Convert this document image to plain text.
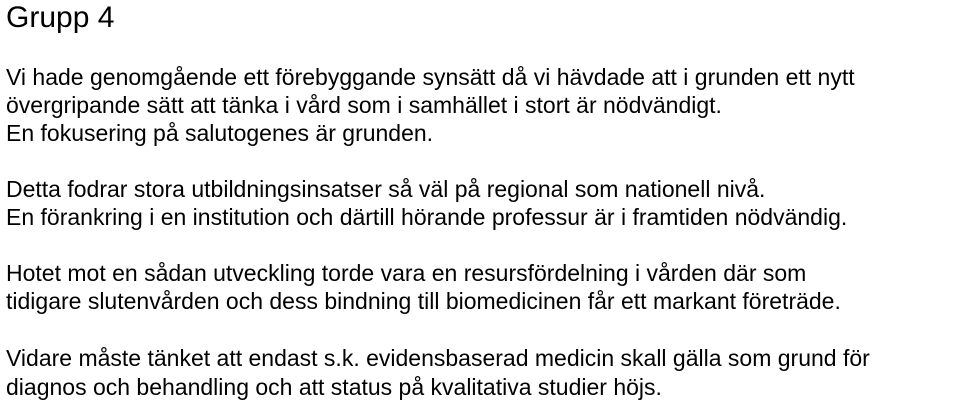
Grupp 4
Vi hade genomgående ett förebyggande synsätt då vi hävdade att i grunden ett nytt
övergripande sätt att tänka i vård som i samhället i stort är nödvändigt.
En fokusering på salutogenes är grunden.
Detta fodrar stora utbildningsinsatser så väl på regional som nationell nivå.
En förankring i en institution och därtill hörande professur är i framtiden nödvändig.
Hotet mot en sådan utveckling torde vara en resursfördelning i vården där som
tidigare slutenvården och dess bindning till biomedicinen får ett markant företräde.
Vidare måste tänket att endast s.k. evidensbaserad medicin skall gälla som grund för
diagnos och behandling och att status på kvalitativa studier höjs.
